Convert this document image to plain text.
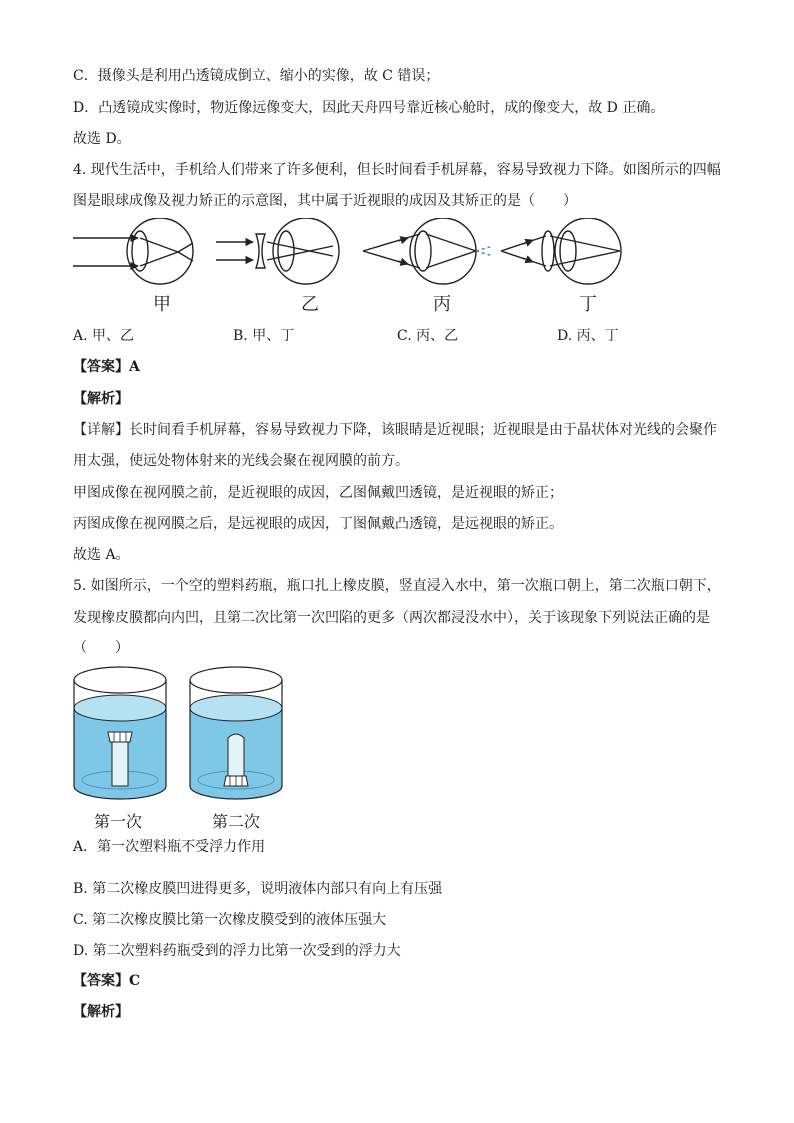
C．摄像头是利用凸透镜成倒立、缩小的实像，故 C 错误；
D．凸透镜成实像时，物近像远像变大，因此天舟四号靠近核心舱时，成的像变大，故 D 正确。
故选 D。
4. 现代生活中，手机给人们带来了许多便利，但长时间看手机屏幕，容易导致视力下降。如图所示的四幅
图是眼球成像及视力矫正的示意图，其中属于近视眼的成因及其矫正的是（　　）
甲	乙	丙	丁
A. 甲、乙	B. 甲、丁	C. 丙、乙	D. 丙、丁
【答案】A
【解析】
【详解】长时间看手机屏幕，容易导致视力下降，该眼睛是近视眼；近视眼是由于晶状体对光线的会聚作
用太强，使远处物体射来的光线会聚在视网膜的前方。
甲图成像在视网膜之前，是近视眼的成因，乙图佩戴凹透镜，是近视眼的矫正；
丙图成像在视网膜之后，是远视眼的成因，丁图佩戴凸透镜，是远视眼的矫正。
故选 A。
5. 如图所示，一个空的塑料药瓶，瓶口扎上橡皮膜，竖直浸入水中，第一次瓶口朝上，第二次瓶口朝下，
发现橡皮膜都向内凹，且第二次比第一次凹陷的更多（两次都浸没水中），关于该现象下列说法正确的是
（　　）
第一次	第二次
A．第一次塑料瓶不受浮力作用
B. 第二次橡皮膜凹进得更多，说明液体内部只有向上有压强
C. 第二次橡皮膜比第一次橡皮膜受到的液体压强大
D. 第二次塑料药瓶受到的浮力比第一次受到的浮力大
【答案】C
【解析】
